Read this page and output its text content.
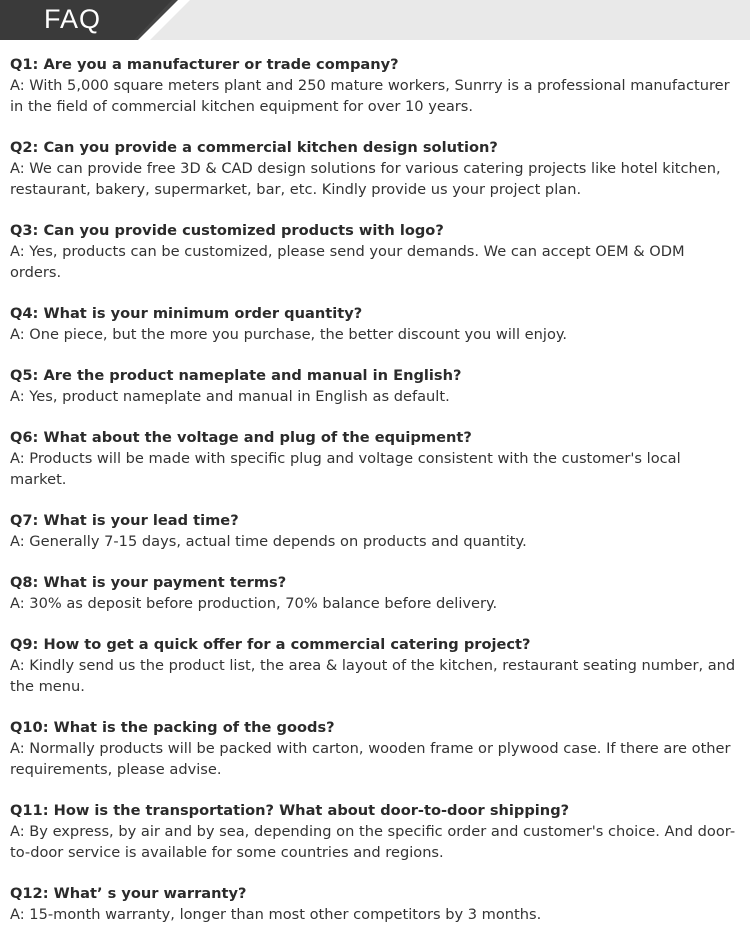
FAQ
Q1: Are you a manufacturer or trade company?
A: With 5,000 square meters plant and 250 mature workers, Sunrry is a professional manufacturer in the field of commercial kitchen equipment for over 10 years.
Q2: Can you provide a commercial kitchen design solution?
A: We can provide free 3D & CAD design solutions for various catering projects like hotel kitchen, restaurant, bakery, supermarket, bar, etc. Kindly provide us your project plan.
Q3: Can you provide customized products with logo?
A: Yes, products can be customized, please send your demands. We can accept OEM & ODM orders.
Q4: What is your minimum order quantity?
A: One piece, but the more you purchase, the better discount you will enjoy.
Q5: Are the product nameplate and manual in English?
A: Yes, product nameplate and manual in English as default.
Q6: What about the voltage and plug of the equipment?
A: Products will be made with specific plug and voltage consistent with the customer's local market.
Q7: What is your lead time?
A: Generally 7-15 days, actual time depends on products and quantity.
Q8: What is your payment terms?
A: 30% as deposit before production, 70% balance before delivery.
Q9: How to get a quick offer for a commercial catering project?
A: Kindly send us the product list, the area & layout of the kitchen, restaurant seating number, and the menu.
Q10: What is the packing of the goods?
A: Normally products will be packed with carton, wooden frame or plywood case. If there are other requirements, please advise.
Q11: How is the transportation? What about door-to-door shipping?
A: By express, by air and by sea, depending on the specific order and customer's choice. And door-to-door service is available for some countries and regions.
Q12: What’ s your warranty?
A: 15-month warranty, longer than most other competitors by 3 months.
